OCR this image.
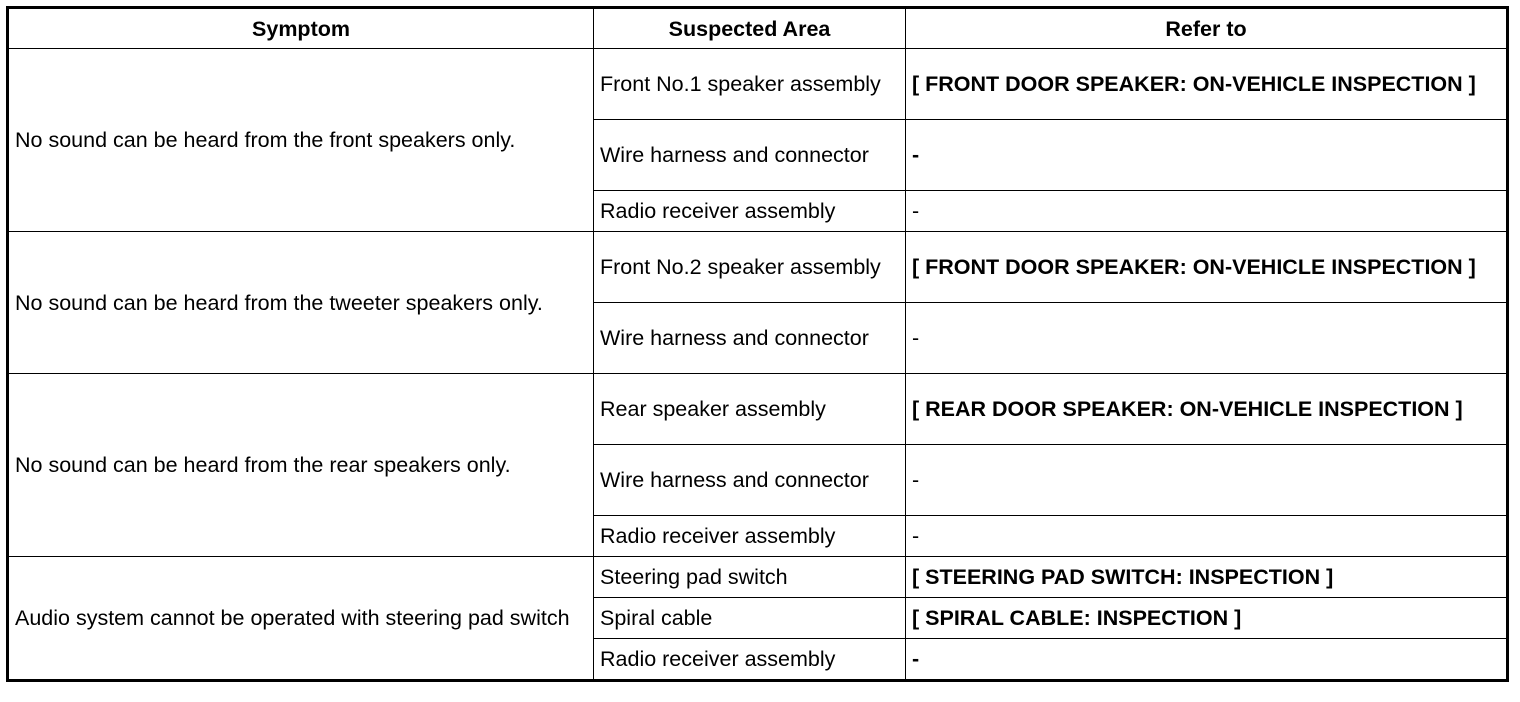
Symptom	Suspected Area	Refer to
No sound can be heard from the front speakers only.	Front No.1 speaker assembly	[ FRONT DOOR SPEAKER: ON-VEHICLE INSPECTION ]
	Wire harness and connector	-
	Radio receiver assembly	-
No sound can be heard from the tweeter speakers only.	Front No.2 speaker assembly	[ FRONT DOOR SPEAKER: ON-VEHICLE INSPECTION ]
	Wire harness and connector	-
No sound can be heard from the rear speakers only.	Rear speaker assembly	[ REAR DOOR SPEAKER: ON-VEHICLE INSPECTION ]
	Wire harness and connector	-
	Radio receiver assembly	-
Audio system cannot be operated with steering pad switch	Steering pad switch	[ STEERING PAD SWITCH: INSPECTION ]
	Spiral cable	[ SPIRAL CABLE: INSPECTION ]
	Radio receiver assembly	-
